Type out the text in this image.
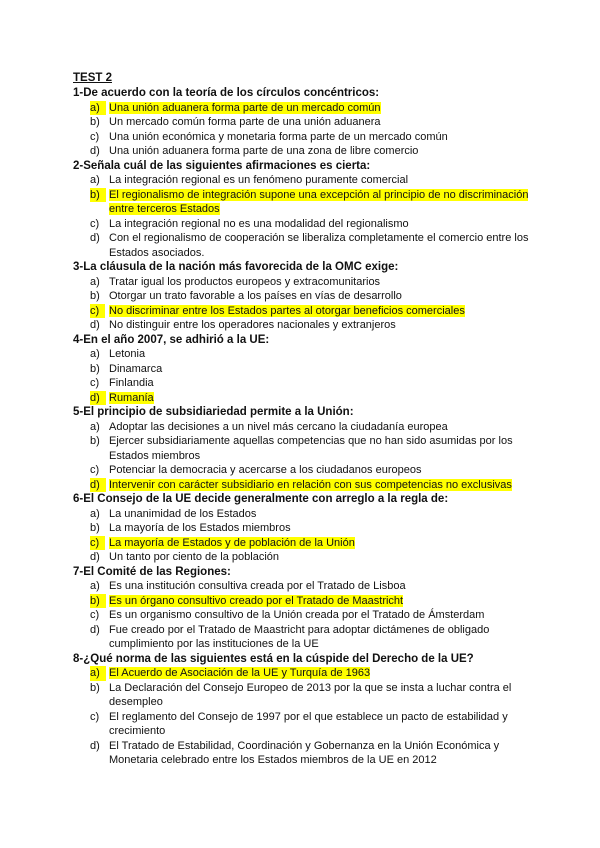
TEST 2
1-De acuerdo con la teoría de los círculos concéntricos:
a) Una unión aduanera forma parte de un mercado común
b) Un mercado común forma parte de una unión aduanera
c) Una unión económica y monetaria forma parte de un mercado común
d) Una unión aduanera forma parte de una zona de libre comercio
2-Señala cuál de las siguientes afirmaciones es cierta:
a) La integración regional es un fenómeno puramente comercial
b) El regionalismo de integración supone una excepción al principio de no discriminación entre terceros Estados
c) La integración regional no es una modalidad del regionalismo
d) Con el regionalismo de cooperación se liberaliza completamente el comercio entre los Estados asociados.
3-La cláusula de la nación más favorecida de la OMC exige:
a) Tratar igual los productos europeos y extracomunitarios
b) Otorgar un trato favorable a los países en vías de desarrollo
c) No discriminar entre los Estados partes al otorgar beneficios comerciales
d) No distinguir entre los operadores nacionales y extranjeros
4-En el año 2007, se adhirió a la UE:
a) Letonia
b) Dinamarca
c) Finlandia
d) Rumanía
5-El principio de subsidiariedad permite a la Unión:
a) Adoptar las decisiones a un nivel más cercano la ciudadanía europea
b) Ejercer subsidiariamente aquellas competencias que no han sido asumidas por los Estados miembros
c) Potenciar la democracia y acercarse a los ciudadanos europeos
d) Intervenir con carácter subsidiario en relación con sus competencias no exclusivas
6-El Consejo de la UE decide generalmente con arreglo a la regla de:
a) La unanimidad de los Estados
b) La mayoría de los Estados miembros
c) La mayoría de Estados y de población de la Unión
d) Un tanto por ciento de la población
7-El Comité de las Regiones:
a) Es una institución consultiva creada por el Tratado de Lisboa
b) Es un órgano consultivo creado por el Tratado de Maastricht
c) Es un organismo consultivo de la Unión creada por el Tratado de Ámsterdam
d) Fue creado por el Tratado de Maastricht para adoptar dictámenes de obligado cumplimiento por las instituciones de la UE
8-¿Qué norma de las siguientes está en la cúspide del Derecho de la UE?
a) El Acuerdo de Asociación de la UE y Turquía de 1963
b) La Declaración del Consejo Europeo de 2013 por la que se insta a luchar contra el desempleo
c) El reglamento del Consejo de 1997 por el que establece un pacto de estabilidad y crecimiento
d) El Tratado de Estabilidad, Coordinación y Gobernanza en la Unión Económica y Monetaria celebrado entre los Estados miembros de la UE en 2012
